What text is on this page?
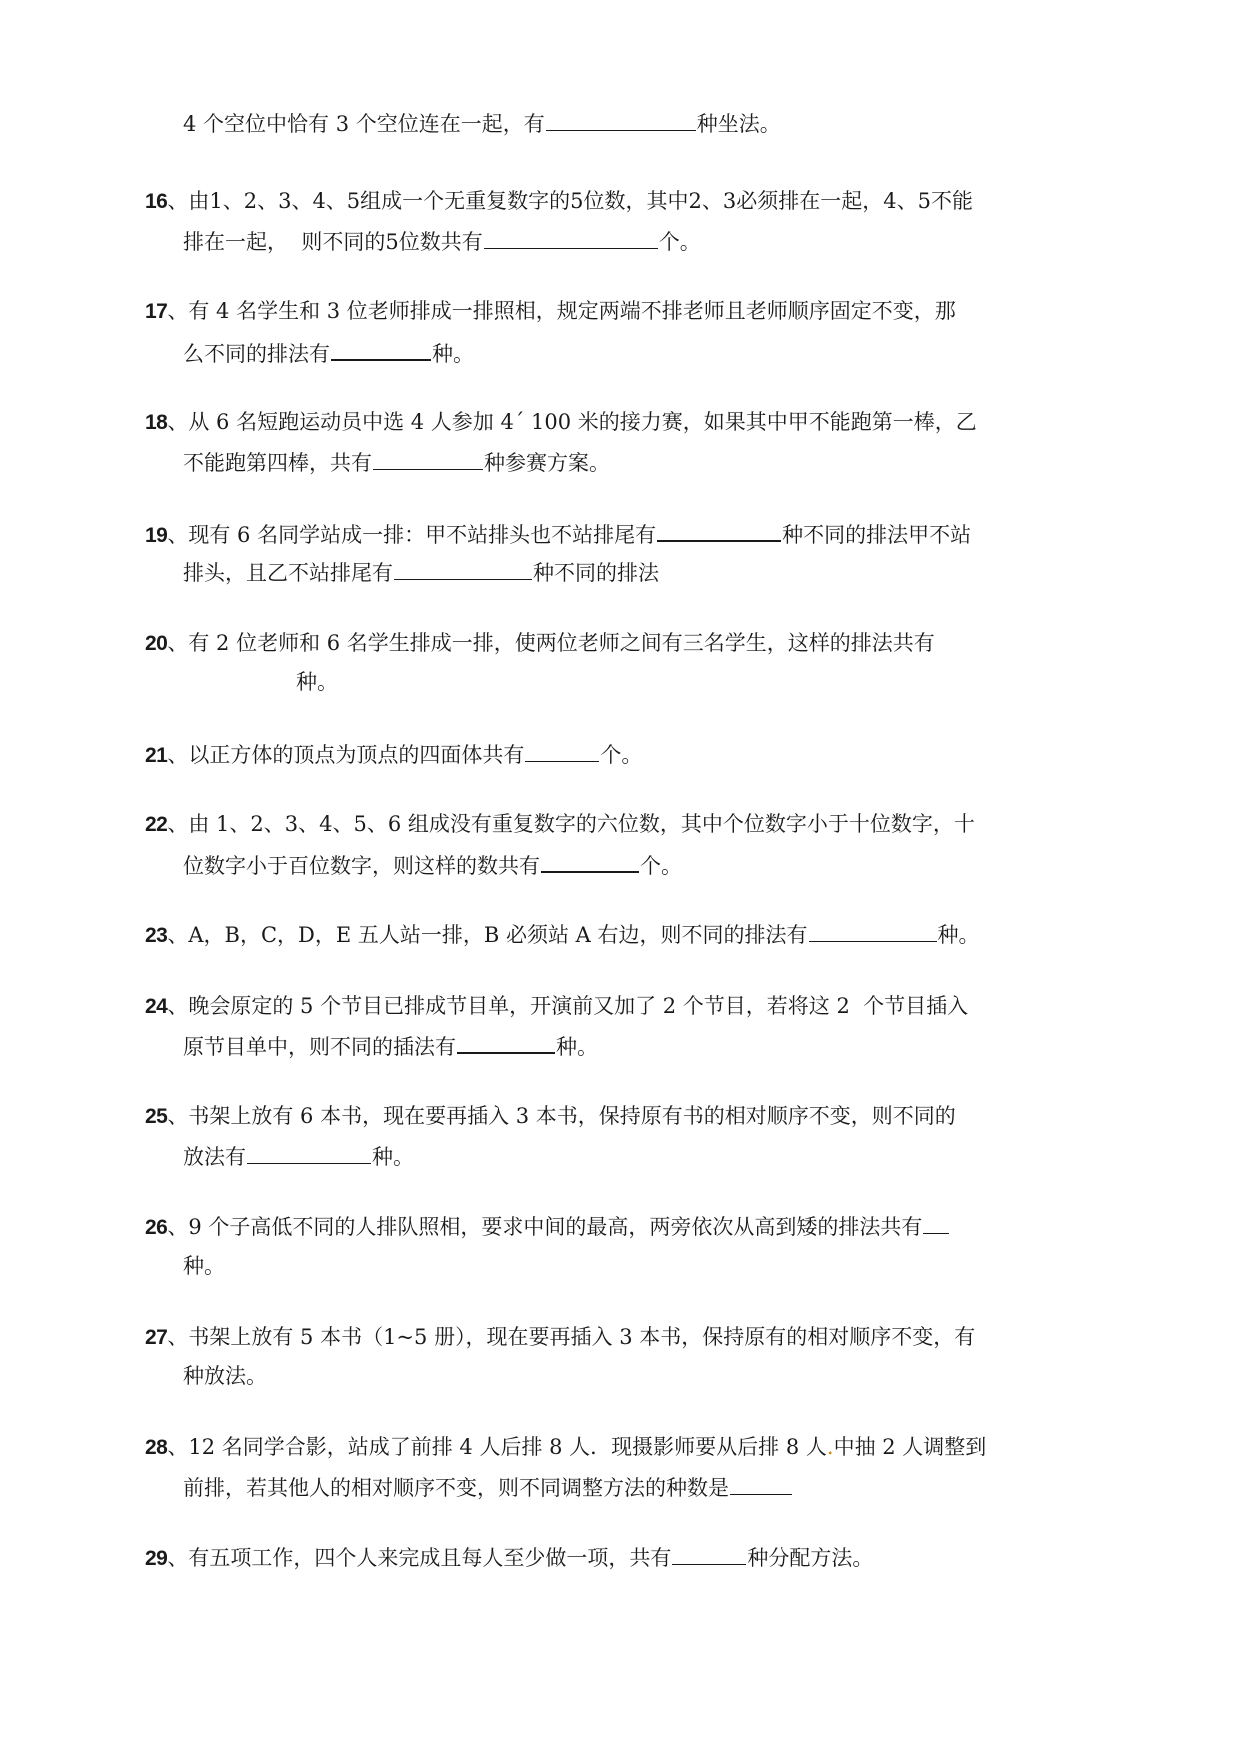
4 个空位中恰有 3 个空位连在一起，有	种坐法。
16、由1、2、3、4、5组成一个无重复数字的5位数，其中2、3必须排在一起，4、5不能
排在一起，  则不同的5位数共有	个。
17、有 4 名学生和 3 位老师排成一排照相，规定两端不排老师且老师顺序固定不变，那
么不同的排法有	种。
18、从 6 名短跑运动员中选 4 人参加 4´ 100 米的接力赛，如果其中甲不能跑第一棒，乙
不能跑第四棒，共有	种参赛方案。
19、现有 6 名同学站成一排：甲不站排头也不站排尾有	种不同的排法甲不站
排头，且乙不站排尾有	种不同的排法
20、有 2 位老师和 6 名学生排成一排，使两位老师之间有三名学生，这样的排法共有
种。
21、以正方体的顶点为顶点的四面体共有	个。
22、由 1、2、3、4、5、6 组成没有重复数字的六位数，其中个位数字小于十位数字，十
位数字小于百位数字，则这样的数共有	个。
23、A，B，C，D，E 五人站一排，B 必须站 A 右边，则不同的排法有	种。
24、晚会原定的 5 个节目已排成节目单，开演前又加了 2 个节目，若将这 2  个节目插入
原节目单中，则不同的插法有	种。
25、书架上放有 6 本书，现在要再插入 3 本书，保持原有书的相对顺序不变，则不同的
放法有	种。
26、9 个子高低不同的人排队照相，要求中间的最高，两旁依次从高到矮的排法共有
种。
27、书架上放有 5 本书（1~5 册），现在要再插入 3 本书，保持原有的相对顺序不变，有
种放法。
28、12 名同学合影，站成了前排 4 人后排 8 人．现摄影师要从后排 8 人.中抽 2 人调整到
前排，若其他人的相对顺序不变，则不同调整方法的种数是
29、有五项工作，四个人来完成且每人至少做一项，共有	种分配方法。
